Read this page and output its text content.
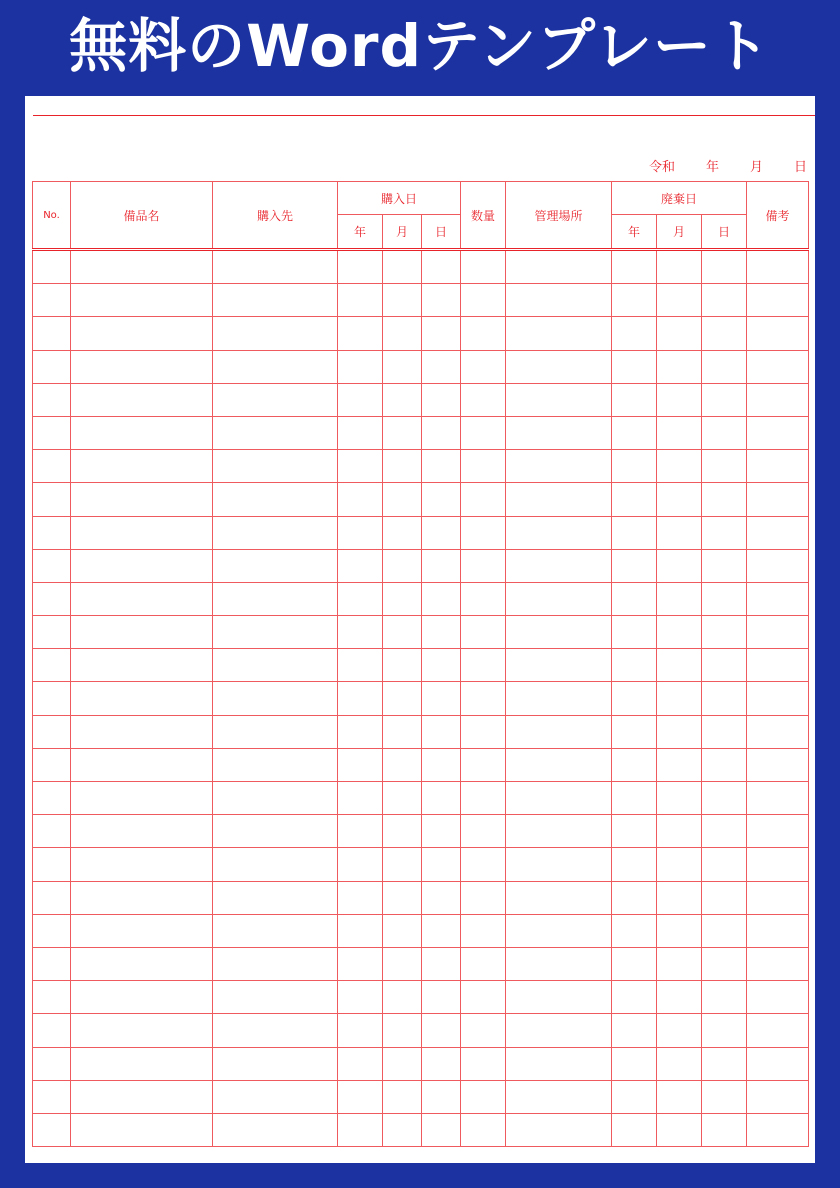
無料のWordテンプレート
令和	年	月	日
No.	備品名	購入先	購入日			数量	管理場所	廃棄日			備考
			年	月	日			年	月	日	
